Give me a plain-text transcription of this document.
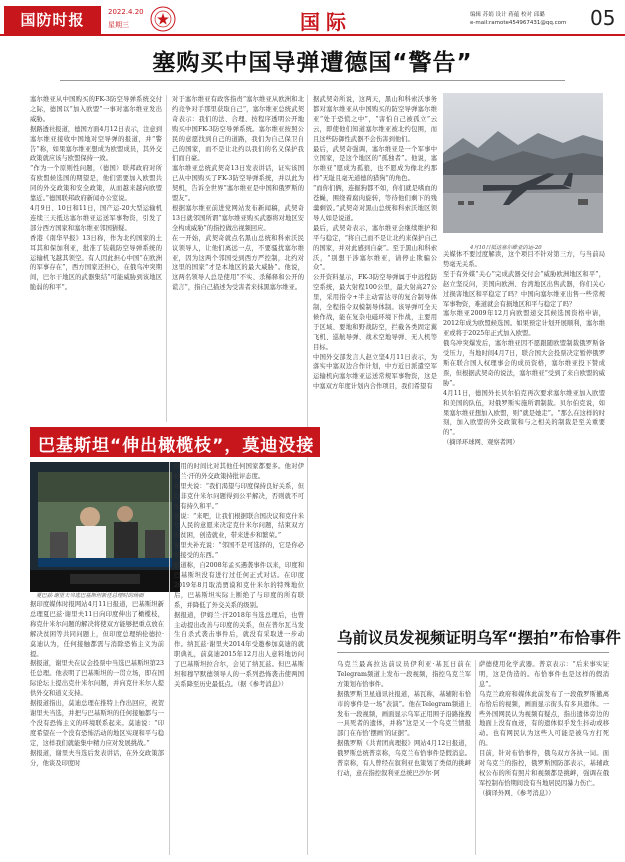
国防时报	2022.4.20
星期三	国际	编辑 苏娟 设计 蒋蕴 校对 邱璐
e-mail:ramote454967431@qq.com	05
塞购买中国导弹遭德国“警告”
塞尔维亚从中国购买的FK-3防空导弹系统交付之际，德国以“加入欧盟”一事对塞尔维亚发出威胁。
据路透社报道，德国方面4月12日表示，注意到塞尔维亚接收中国地对空导弹的报道，并“警告”称，如果塞尔维亚想成为欧盟成员，其外交政策就应该与欧盟保持一致。
“作为一个原则性问题，（德国）联邦政府对所有欧盟候选国的期望是，他们需要加入欧盟共同的外交政策和安全政策，从而越来越向欧盟靠近。”德国联邦政府新闻办公室说。
4月9日、10日和11日，国产运-20大型运输机连续三天抵达塞尔维亚运送军事物资，引发了部分西方国家和塞尔维亚邻国猜疑。
香港《南华早报》13日称，作为北约国家的土耳其和保加利亚，批准了装载防空导弹系统的运输机飞越其领空。有人因此担心中国“在欧洲的军事存在”，西方国家还担心，在俄乌冲突期间，巴尔干地区的武器集结“可能威胁到该地区脆弱的和平”。
对于塞尔维亚有政客指责“塞尔维亚从欧洲和北约竞争对手那里获取自己”，塞尔维亚总统武契奇表示：我们的法、合理、按程序透明公开地购买中国FK-3防空导弹系统。塞尔维亚按照公民的意愿找到自己的道路，我们为自己保卫自己的国家，而不是让北约以我们的名义保护我们而自豪。
塞尔维亚总统武契奇13日发表讲话，证实该国已从中国购买了FK-3防空导弹系统，并以此为契机，告诉全世界“塞尔维亚是中国和俄罗斯的盟友”。
根据塞尔维亚前进党网站发布新闻稿，武契奇13日就邻国所谓“塞尔维亚购买武器将对地区安全构成威胁”的指控做出视频回应。
在一开始，武契奇就点名黑山总统和科索沃民议领导人，让他们离远一点，不要骚扰塞尔维亚，因为这两个邻国受到西方严控制，北约对这里的国家“才是本地区的最大威胁”。他说，这两名领导人总是使用“不实、杀稀释和公开的谎言”，指自己描述为受害者来抹黑塞尔维亚。
据武契奇所说，这两天，黑山和科索沃事务都对塞尔维亚从中国购买的防空导弹塞尔维亚“处于恐慌之中”，“害怕自己被孤立”云云，即使他们知道塞尔维亚被北约包围，而且这些防御性武器不会伤害到他们。
最后，武契奇强调，塞尔维亚是一个军事中立国家，是这个地区的“孤独者”。他说，塞尔维亚“愿成为孤狼，也不愿成为像北约那样”无耻且毫无道德的猎狗“的角色。
“而你们俩，连掘狗都不如，你们就是嗜血的苍蝇，围绕着腐肉旋转，等待他们剩下的残羹剩饭。”武契奇对黑山总统和科索沃地区领导人如是说道。
最后，武契奇表示，塞尔维亚会继续维护和平与稳定，“将自己而不是让北约来保护自己的国家，并对此感到自豪”。至于黑山和科索沃，“别想干涉塞尔维亚，请停止欺骗公众”。
公开资料显示，FK-3防空导弹属于中远程防空系统，最大射程100公里，最大射高27公里，采用指令+半主动雷达寻的复合制导体制，全程指令双模制导体制。该导弹可全天候作战，能在复杂电磁环境下作战，主要用于区域、要地和野战防空，拦截各类固定翼飞机、巡航导弹、战术空地导弹、无人机等目标。
中国外交部发言人赵立坚4月11日表示，为落实中塞双边合作计划，中方近日派遣空军运输机向塞尔维亚运送常规军事物资，这是中塞双方年度计划内合作项目，我们希望有
关媒体不要过度解读，这个项目不针对第三方，与当前局势毫无关系。
至于有外媒“关心”完成武器交付会“威胁欧洲地区和平”，赵立坚反问，美国向欧洲、台湾地区出售武器，你们关心过损害地区和平稳定了吗？中国向塞尔维亚出售一些常规军事物资，难道就会有损地区和平与稳定了吗？
塞尔维亚2009年12月向欧盟递交其候选国资格申请，2012年成为欧盟候选国。如果预定计划开展顺利，塞尔维亚或将于2025年正式加入欧盟。
俄乌冲突爆发后，塞尔维亚因不愿跟随欧盟制裁俄罗斯备受压力，当地时间4月7日，联合国大会投票决定暂停俄罗斯在联合国人权理事会的成员资格，塞尔维亚投下赞成票，但根据武契奇的说法，塞尔维亚“受到了来自欧盟的威胁”。
4月11日，德国外长贝尔伯克再次要求塞尔维亚加入欧盟和美国的队伍，对俄罗斯实施所谓制裁。贝尔伯克说，如果塞尔维亚想加入欧盟，则“就是她走”。“那么在这样的时刻，加入欧盟的外交政策和与之相关的制裁是至关重要的”。
（摘译环球网、观察者网）
4月10日抵达塞尔维亚的运-20
巴基斯坦“伸出橄榄枝”，莫迪没接
夏巴兹·谢里夫当选巴基斯坦新任总理时的场面
据印度媒体时报网站4月11日报道，巴基斯坦新总理夏巴兹·谢里夫11日向印度伸出了橄榄枝，称克什米尔问题的解决将使双方能够把重点放在解决贫困等共同问题上，但印度总理纳伦德拉·莫迪认为，任何接触都需与消除恐怖主义为前提。
据报道，谢里夫在议会投票中当选巴基斯坦第23任总理。他表明了巴基斯坦的一贯立场，即在国际论坛上提出克什米尔问题，并向克什米尔人提供外交和道义支持。
据报道指出，莫迪总理在推特上作出回应，祝贺谢里夫当选，并把与巴基斯坦的任何接触都与一个没有恐怖主义的环境联系起来。莫迪说：“印度希望在一个没有恐怖活动的地区实现和平与稳定，这样我们就能集中精力应对发展挑战。”
据报道，谢里夫当选后发表讲话，在外交政策部分，他谈及印度时
所用的时间比对其他任何国家都要多。他对伊姆兰·汗的外交政策持批评态度。
谢里夫说：“我们渴望与印度保持良好关系，但除非克什米尔问题得到公平解决，否则就不可能有持久和平。”
他说：“来吧，让我们根据联合国决议和克什米尔人民的意愿来决定克什米尔问题，结束双方的贫困，创造就业，带来进步和繁荣。”
谢里夫补充说：“邻国不是可选择的，它是你必须接受的东西。”
报道称，自2008年孟买遇袭事件以来，印度和巴基斯坦没有进行过任何正式对话。在印度2019年8月取消贾谟和克什米尔的特殊地位后，巴基斯坦实际上断绝了与印度的所有联系，并降低了外交关系的级别。
据报道，伊姆兰·汗2018年当选总理后，也曾主动提出改善与印度的关系，但在普尔瓦马发生自杀式袭击事件后，就没有采取进一步动作。纳瓦兹·谢里夫2014年受邀参加莫迪的就职典礼，前莫迪2015年12月出人意料地访问了巴基斯坦拉合尔，会见了纳瓦兹。但巴基斯坦和穆罕默德领导人的一系列恐怖袭击使两国关系降至历史最低点。（据《参考消息》）
乌前议员发视频证明乌军“摆拍”布恰事件
乌克兰最高拉达前议员伊利亚·基瓦日前在Telegram频道上发布一段视频，指控乌克兰军方策划布恰事件。
据俄罗斯卫星通讯社报道，基瓦称，基辅附布恰市的事件是一场“表演”。他在Telegram频道上发布一段视频，画面显示乌军正用围子沿路拖拽一具死者的遗体，并称“这是又一个乌克兰情报部门在布恰‘摆画’的证据”。
据俄罗斯《共青团真理报》网站4月12日报道，俄罗斯总统普京称，乌克兰布恰事件是假消息。普京称，有人曾经在叙利亚也策划了类似的挑衅行动，意在指控叙利亚总统巴沙尔·阿
萨德使用化学武器。普京表示：“后来事实证明，这是伪造的。布恰事件也是这样的假消息”。
乌克兰政府和媒体此前发布了一段俄罗斯撤离布恰后的视频，画面显示街头有多具遗体。一些外国网民认为视频有疑点，指出遗体旁边的地面上没有血迹，有的遗体似乎发生抖动或移动。也有网民认为这些人可能是被乌方打死的。
目前，针对布恰事件，俄乌双方各执一词。面对乌克兰的指控，俄罗斯国防部表示，基辅政权公布的所有照片和视频都是挑衅，强调在俄军控制布恰期间没有当地居民因暴力伤亡。
（摘译外网、《参考消息》）
